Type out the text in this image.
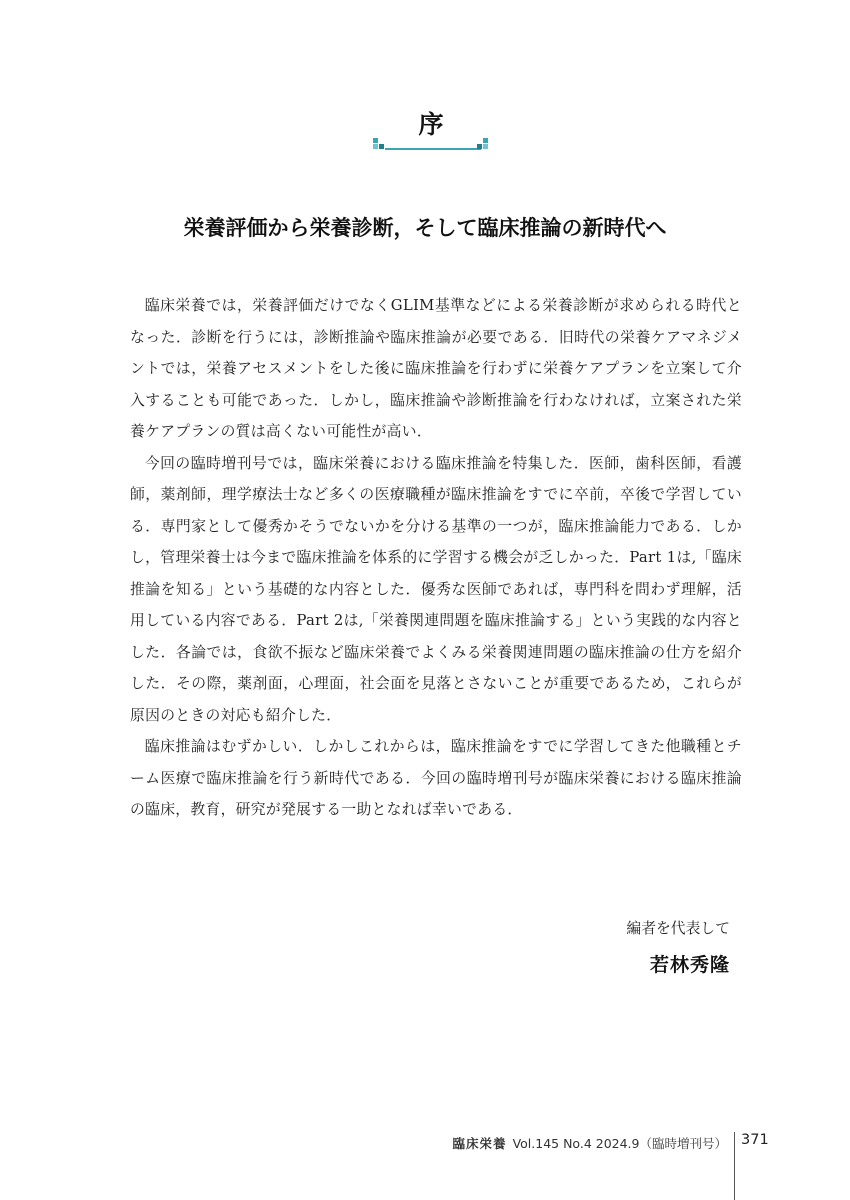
序
栄養評価から栄養診断，そして臨床推論の新時代へ

臨床栄養では，栄養評価だけでなくGLIM基準などによる栄養診断が求められる時代となった．診断を行うには，診断推論や臨床推論が必要である．旧時代の栄養ケアマネジメントでは，栄養アセスメントをした後に臨床推論を行わずに栄養ケアプランを立案して介入することも可能であった．しかし，臨床推論や診断推論を行わなければ，立案された栄養ケアプランの質は高くない可能性が高い．

今回の臨時増刊号では，臨床栄養における臨床推論を特集した．医師，歯科医師，看護師，薬剤師，理学療法士など多くの医療職種が臨床推論をすでに卒前，卒後で学習している．専門家として優秀かそうでないかを分ける基準の一つが，臨床推論能力である．しかし，管理栄養士は今まで臨床推論を体系的に学習する機会が乏しかった．Part 1は,「臨床推論を知る」という基礎的な内容とした．優秀な医師であれば，専門科を問わず理解，活用している内容である．Part 2は,「栄養関連問題を臨床推論する」という実践的な内容とした．各論では，食欲不振など臨床栄養でよくみる栄養関連問題の臨床推論の仕方を紹介した．その際，薬剤面，心理面，社会面を見落とさないことが重要であるため，これらが原因のときの対応も紹介した．

臨床推論はむずかしい．しかしこれからは，臨床推論をすでに学習してきた他職種とチーム医療で臨床推論を行う新時代である．今回の臨時増刊号が臨床栄養における臨床推論の臨床，教育，研究が発展する一助となれば幸いである．

編者を代表して
若林秀隆
臨床栄養 Vol.145 No.4 2024.9（臨時増刊号） 371
